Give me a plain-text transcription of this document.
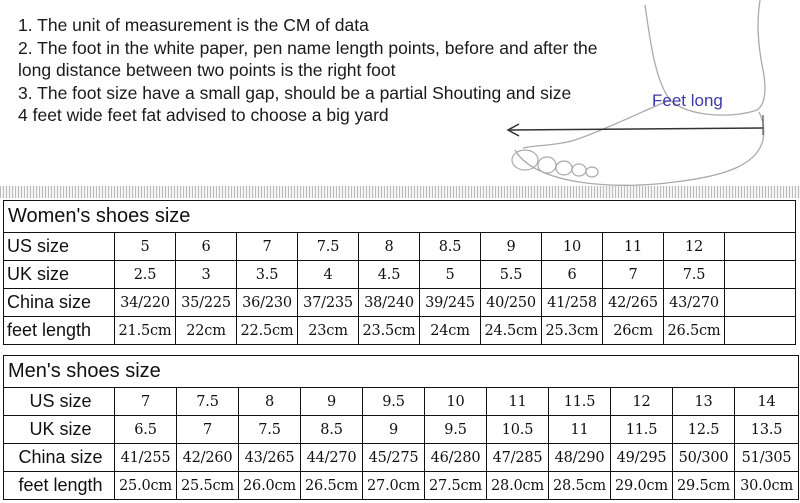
1. The unit of measurement is the CM of data
2. The foot in the white paper, pen name length points, before and after the
long distance between two points is the right foot
3. The foot size have a small gap, should be a partial Shouting and size
4 feet wide feet fat advised to choose a big yard
Feet long
Women's shoes size											
US size	5	6	7	7.5	8	8.5	9	10	11	12	
UK size	2.5	3	3.5	4	4.5	5	5.5	6	7	7.5	
China size	34/220	35/225	36/230	37/235	38/240	39/245	40/250	41/258	42/265	43/270	
feet length	21.5cm	22cm	22.5cm	23cm	23.5cm	24cm	24.5cm	25.3cm	26cm	26.5cm	
Men's shoes size											
US size	7	7.5	8	9	9.5	10	11	11.5	12	13	14
UK size	6.5	7	7.5	8.5	9	9.5	10.5	11	11.5	12.5	13.5
China size	41/255	42/260	43/265	44/270	45/275	46/280	47/285	48/290	49/295	50/300	51/305
feet length	25.0cm	25.5cm	26.0cm	26.5cm	27.0cm	27.5cm	28.0cm	28.5cm	29.0cm	29.5cm	30.0cm
